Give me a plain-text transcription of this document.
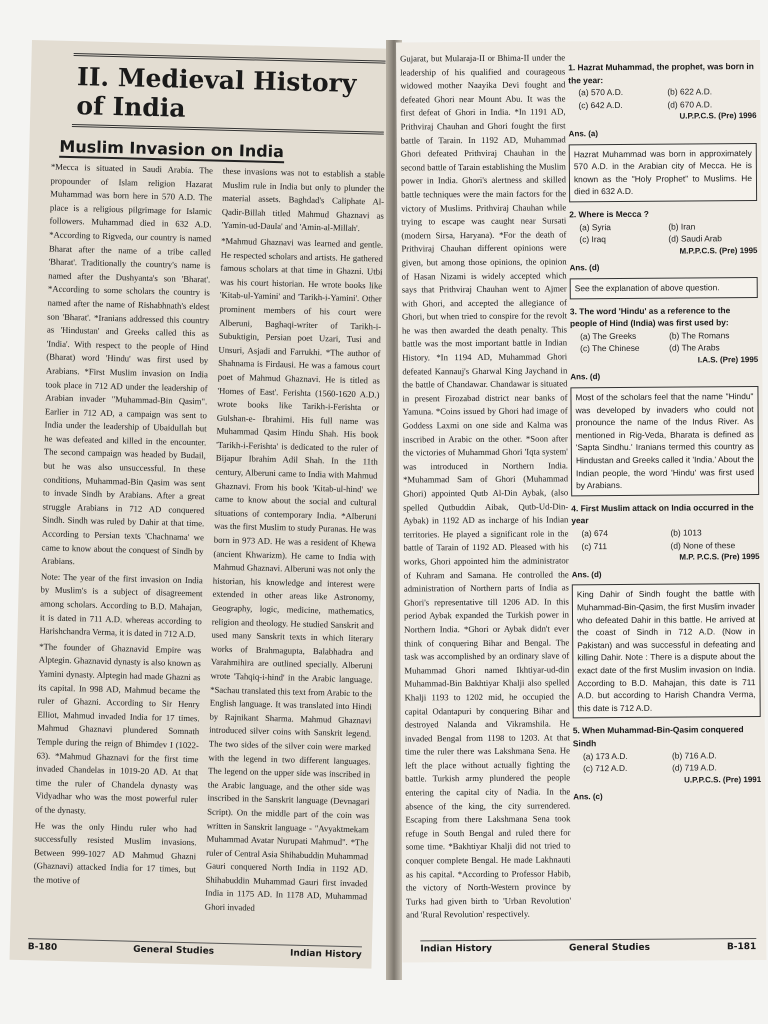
II. Medieval History of India
Muslim Invasion on India

*Mecca is situated in Saudi Arabia. The propounder of Islam religion Hazarat Muhammad was born here in 570 A.D. The place is a religious pilgrimage for Islamic followers. Muhammad died in 632 A.D. *According to Rigveda, our country is named Bharat after the name of a tribe called 'Bharat'. Traditionally the country's name is named after the Dushyanta's son 'Bharat'. *According to some scholars the country is named after the name of Rishabhnath's eldest son 'Bharat'. *Iranians addressed this country as 'Hindustan' and Greeks called this as 'India'. With respect to the people of Hind (Bharat) word 'Hindu' was first used by Arabians. *First Muslim invasion on India took place in 712 AD under the leadership of Arabian invader "Muhammad-Bin Qasim". Earlier in 712 AD, a campaign was sent to India under the leadership of Ubaidullah but he was defeated and killed in the encounter. The second campaign was headed by Budail, but he was also unsuccessful. In these conditions, Muhammad-Bin Qasim was sent to invade Sindh by Arabians. After a great struggle Arabians in 712 AD conquered Sindh. Sindh was ruled by Dahir at that time. According to Persian texts 'Chachnama' we came to know about the conquest of Sindh by Arabians.

Note: The year of the first invasion on India by Muslim's is a subject of disagreement among scholars. According to B.D. Mahajan, it is dated in 711 A.D. whereas according to Harishchandra Verma, it is dated in 712 A.D.

*The founder of Ghaznavid Empire was Alptegin. Ghaznavid dynasty is also known as Yamini dynasty. Alptegin had made Ghazni as its capital. In 998 AD, Mahmud became the ruler of Ghazni. According to Sir Henry Elliot, Mahmud invaded India for 17 times. Mahmud Ghaznavi plundered Somnath Temple during the reign of Bhimdev I (1022-63). *Mahmud Ghaznavi for the first time invaded Chandelas in 1019-20 AD. At that time the ruler of Chandela dynasty was Vidyadhar who was the most powerful ruler of the dynasty.

He was the only Hindu ruler who had successfully resisted Muslim invasions. Between 999-1027 AD Mahmud Ghazni (Ghaznavi) attacked India for 17 times, but the motive of

these invasions was not to establish a stable Muslim rule in India but only to plunder the material assets. Baghdad's Caliphate Al-Qadir-Billah titled Mahmud Ghaznavi as 'Yamin-ud-Daula' and 'Amin-al-Millah'.

*Mahmud Ghaznavi was learned and gentle. He respected scholars and artists. He gathered famous scholars at that time in Ghazni. Utbi was his court historian. He wrote books like 'Kitab-ul-Yamini' and 'Tarikh-i-Yamini'. Other prominent members of his court were Alberuni, Baghaqi-writer of Tarikh-i-Subuktigin, Persian poet Uzari, Tusi and Unsuri, Asjadi and Farrukhi. *The author of Shahnama is Firdausi. He was a famous court poet of Mahmud Ghaznavi. He is titled as 'Homes of East'. Ferishta (1560-1620 A.D.) wrote books like Tarikh-i-Ferishta or Gulshan-e- Ibrahimi. His full name was Muhammad Qasim Hindu Shah. His book 'Tarikh-i-Ferishta' is dedicated to the ruler of Bijapur Ibrahim Adil Shah. In the 11th century, Alberuni came to India with Mahmud Ghaznavi. From his book 'Kitab-ul-hind' we came to know about the social and cultural situations of contemporary India. *Alberuni was the first Muslim to study Puranas. He was born in 973 AD. He was a resident of Khewa (ancient Khwarizm). He came to India with Mahmud Ghaznavi. Alberuni was not only the historian, his knowledge and interest were extended in other areas like Astronomy, Geography, logic, medicine, mathematics, religion and theology. He studied Sanskrit and used many Sanskrit texts in which literary works of Brahmagupta, Balabhadra and Varahmihira are outlined specially. Alberuni wrote 'Tahqiq-i-hind' in the Arabic language. *Sachau translated this text from Arabic to the English language. It was translated into Hindi by Rajnikant Sharma. Mahmud Ghaznavi introduced silver coins with Sanskrit legend. The two sides of the silver coin were marked with the legend in two different languages. The legend on the upper side was inscribed in the Arabic language, and the other side was inscribed in the Sanskrit language (Devnagari Script). On the middle part of the coin was written in Sanskrit language - "Avyaktmekam Muhammad Avatar Nurupati Mahmud". *The ruler of Central Asia Shihabuddin Muhammad Gauri conquered North India in 1192 AD. Shihabuddin Muhammad Gauri first invaded India in 1175 AD. In 1178 AD, Muhammad Ghori invaded

B-180	General Studies	Indian History
Gujarat, but Mularaja-II or Bhima-II under the leadership of his qualified and courageous widowed mother Naayika Devi fought and defeated Ghori near Mount Abu. It was the first defeat of Ghori in India. *In 1191 AD, Prithviraj Chauhan and Ghori fought the first battle of Tarain. In 1192 AD, Muhammad Ghori defeated Prithviraj Chauhan in the second battle of Tarain establishing the Muslim power in India. Ghori's alertness and skilled battle techniques were the main factors for the victory of Muslims. Prithviraj Chauhan while trying to escape was caught near Sursati (modern Sirsa, Haryana). *For the death of Prithviraj Chauhan different opinions were given, but among those opinions, the opinion of Hasan Nizami is widely accepted which says that Prithviraj Chauhan went to Ajmer with Ghori, and accepted the allegiance of Ghori, but when tried to conspire for the revolt he was then awarded the death penalty. This battle was the most important battle in Indian History. *In 1194 AD, Muhammad Ghori defeated Kannauj's Gharwal King Jaychand in the battle of Chandawar. Chandawar is situated in present Firozabad district near banks of Yamuna. *Coins issued by Ghori had image of Goddess Laxmi on one side and Kalma was inscribed in Arabic on the other. *Soon after the victories of Muhammad Ghori 'Iqta system' was introduced in Northern India. *Muhammad Sam of Ghori (Muhammad Ghori) appointed Qutb Al-Din Aybak, (also spelled Qutbuddin Aibak, Qutb-Ud-Din-Aybak) in 1192 AD as incharge of his Indian territories. He played a significant role in the battle of Tarain of 1192 AD. Pleased with his works, Ghori appointed him the administrator of Kuhram and Samana. He controlled the administration of Northern parts of India as Ghori's representative till 1206 AD. In this period Aybak expanded the Turkish power in Northern India. *Ghori or Aybak didn't ever think of conquering Bihar and Bengal. The task was accomplished by an ordinary slave of Muhammad Ghori named Ikhtiyar-ud-din Muhammad-Bin Bakhtiyar Khalji also spelled Khalji 1193 to 1202 mid, he occupied the capital Odantapuri by conquering Bihar and destroyed Nalanda and Vikramshila. He invaded Bengal from 1198 to 1203. At that time the ruler there was Lakshmana Sena. He left the place without actually fighting the battle. Turkish army plundered the people entering the capital city of Nadia. In the absence of the king, the city surrendered. Escaping from there Lakshmana Sena took refuge in South Bengal and ruled there for some time. *Bakhtiyar Khalji did not tried to conquer complete Bengal. He made Lakhnauti as his capital. *According to Professor Habib, the victory of North-Western province by Turks had given birth to 'Urban Revolution' and 'Rural Revolution' respectively.
1. Hazrat Muhammad, the prophet, was born in the year:
(a) 570 A.D.	(b) 622 A.D.
(c) 642 A.D.	(d) 670 A.D.
U.P.P.C.S. (Pre) 1996
Ans. (a)
Hazrat Muhammad was born in approximately 570 A.D. in the Arabian city of Mecca. He is known as the "Holy Prophet" to Muslims. He died in 632 A.D.
2. Where is Mecca ?
(a) Syria	(b) Iran
(c) Iraq	(d) Saudi Arab
M.P.P.C.S. (Pre) 1995
Ans. (d)
See the explanation of above question.
3. The word 'Hindu' as a reference to the people of Hind (India) was first used by:
(a) The Greeks	(b) The Romans
(c) The Chinese	(d) The Arabs
I.A.S. (Pre) 1995
Ans. (d)
Most of the scholars feel that the name "Hindu" was developed by invaders who could not pronounce the name of the Indus River. As mentioned in Rig-Veda, Bharata is defined as 'Sapta Sindhu.' Iranians termed this country as Hindustan and Greeks called it 'India.' About the Indian people, the word 'Hindu' was first used by Arabians.
4. First Muslim attack on India occurred in the year
(a) 674	(b) 1013
(c) 711	(d) None of these
M.P. P.C.S. (Pre) 1995
Ans. (d)
King Dahir of Sindh fought the battle with Muhammad-Bin-Qasim, the first Muslim invader who defeated Dahir in this battle. He arrived at the coast of Sindh in 712 A.D. (Now in Pakistan) and was successful in defeating and killing Dahir. Note : There is a dispute about the exact date of the first Muslim invasion on India. According to B.D. Mahajan, this date is 711 A.D. but according to Harish Chandra Verma, this date is 712 A.D.
5. When Muhammad-Bin-Qasim conquered Sindh
(a) 173 A.D.	(b) 716 A.D.
(c) 712 A.D.	(d) 719 A.D.
U.P.P.C.S. (Pre) 1991
Ans. (c)
Indian History	General Studies	B-181
